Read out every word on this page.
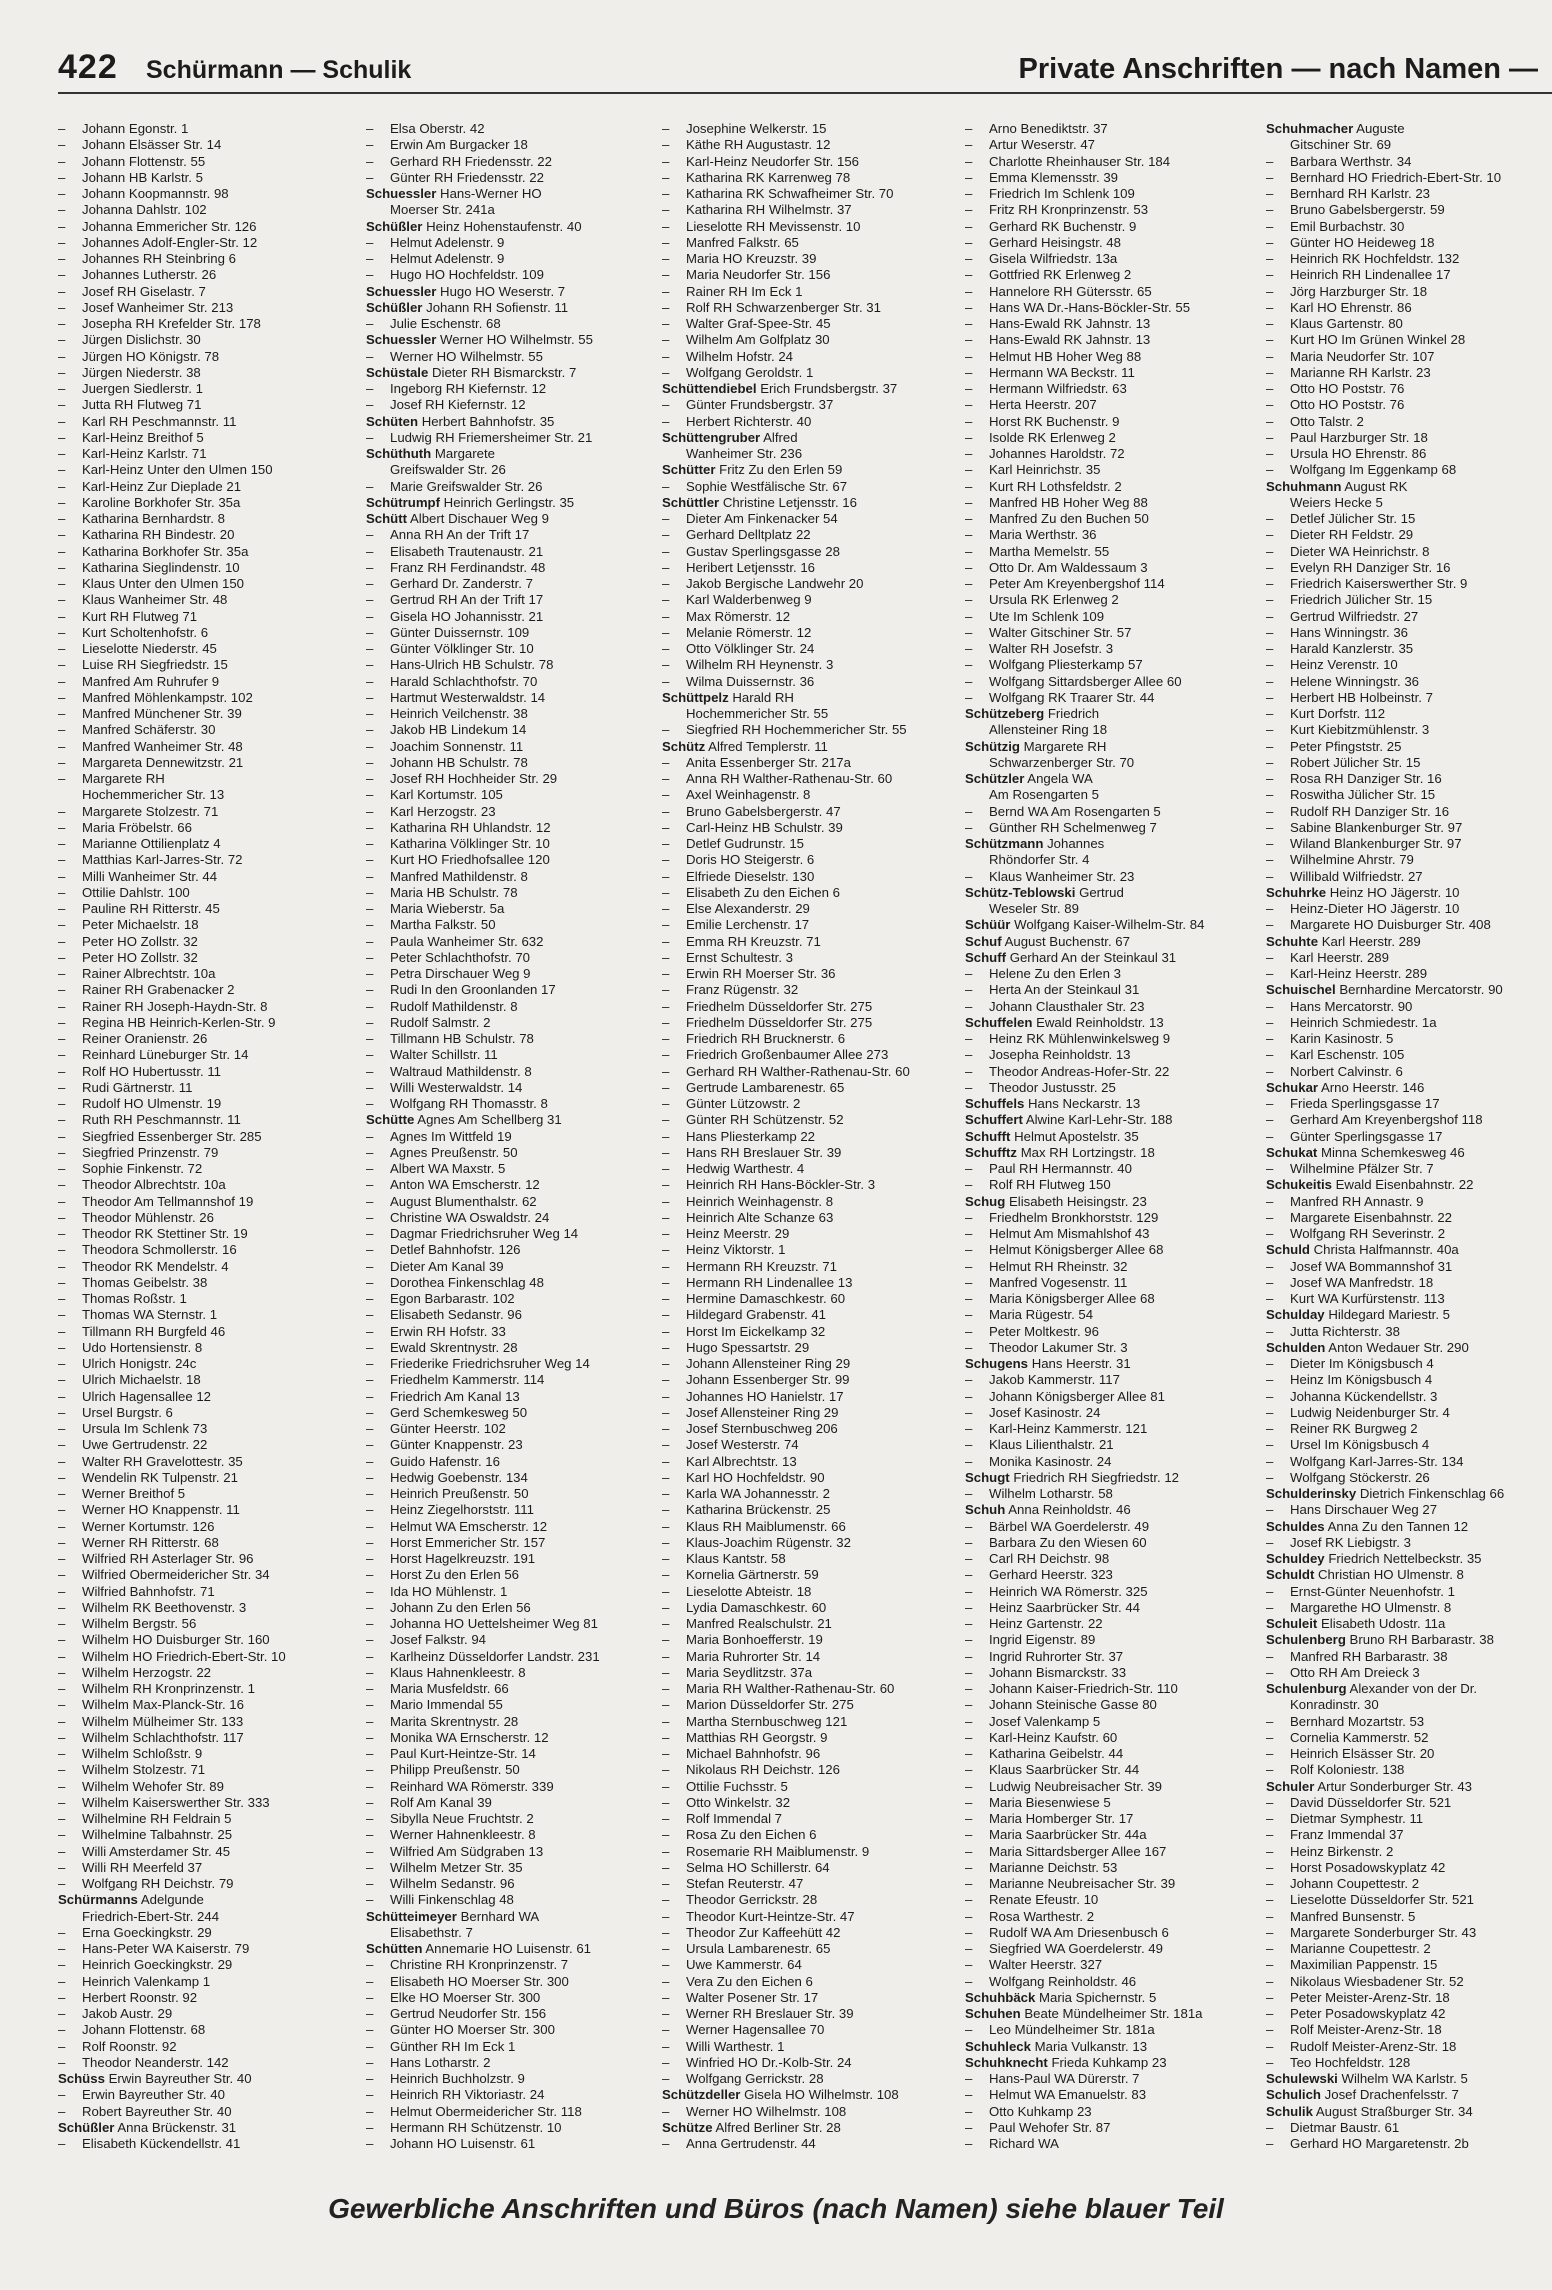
422 Schürmann — Schulik	Private Anschriften — nach Namen —
– Johann Egonstr. 1
– Johann Elsässer Str. 14
– Johann Flottenstr. 55
– Johann HB Karlstr. 5
– Johann Koopmannstr. 98
– Johanna Dahlstr. 102
– Johanna Emmericher Str. 126
– Johannes Adolf-Engler-Str. 12
– Johannes RH Steinbring 6
– Johannes Lutherstr. 26
– Josef RH Giselastr. 7
– Josef Wanheimer Str. 213
– Josepha RH Krefelder Str. 178
– Jürgen Dislichstr. 30
– Jürgen HO Königstr. 78
– Jürgen Niederstr. 38
– Juergen Siedlerstr. 1
– Jutta RH Flutweg 71
– Karl RH Peschmannstr. 11
– Karl-Heinz Breithof 5
– Karl-Heinz Karlstr. 71
– Karl-Heinz Unter den Ulmen 150
– Karl-Heinz Zur Dieplade 21
– Karoline Borkhofer Str. 35a
– Katharina Bernhardstr. 8
– Katharina RH Bindestr. 20
– Katharina Borkhofer Str. 35a
– Katharina Sieglindenstr. 10
– Klaus Unter den Ulmen 150
– Klaus Wanheimer Str. 48
– Kurt RH Flutweg 71
– Kurt Scholtenhofstr. 6
– Lieselotte Niederstr. 45
– Luise RH Siegfriedstr. 15
– Manfred Am Ruhrufer 9
– Manfred Möhlenkampstr. 102
– Manfred Münchener Str. 39
– Manfred Schäferstr. 30
– Manfred Wanheimer Str. 48
– Margareta Dennewitzstr. 21
– Margarete RH
Hochemmericher Str. 13
– Margarete Stolzestr. 71
– Maria Fröbelstr. 66
– Marianne Ottilienplatz 4
– Matthias Karl-Jarres-Str. 72
– Milli Wanheimer Str. 44
– Ottilie Dahlstr. 100
– Pauline RH Ritterstr. 45
– Peter Michaelstr. 18
– Peter HO Zollstr. 32
– Peter HO Zollstr. 32
– Rainer Albrechtstr. 10a
– Rainer RH Grabenacker 2
– Rainer RH Joseph-Haydn-Str. 8
– Regina HB Heinrich-Kerlen-Str. 9
– Reiner Oranienstr. 26
– Reinhard Lüneburger Str. 14
– Rolf HO Hubertusstr. 11
– Rudi Gärtnerstr. 11
– Rudolf HO Ulmenstr. 19
– Ruth RH Peschmannstr. 11
– Siegfried Essenberger Str. 285
– Siegfried Prinzenstr. 79
– Sophie Finkenstr. 72
– Theodor Albrechtstr. 10a
– Theodor Am Tellmannshof 19
– Theodor Mühlenstr. 26
– Theodor RK Stettiner Str. 19
– Theodora Schmollerstr. 16
– Theodor RK Mendelstr. 4
– Thomas Geibelstr. 38
– Thomas Roßstr. 1
– Thomas WA Sternstr. 1
– Tillmann RH Burgfeld 46
– Udo Hortensienstr. 8
– Ulrich Honigstr. 24c
– Ulrich Michaelstr. 18
– Ulrich Hagensallee 12
– Ursel Burgstr. 6
– Ursula Im Schlenk 73
– Uwe Gertrudenstr. 22
– Walter RH Gravelottestr. 35
– Wendelin RK Tulpenstr. 21
– Werner Breithof 5
– Werner HO Knappenstr. 11
– Werner Kortumstr. 126
– Werner RH Ritterstr. 68
– Wilfried RH Asterlager Str. 96
– Wilfried Obermeidericher Str. 34
– Wilfried Bahnhofstr. 71
– Wilhelm RK Beethovenstr. 3
– Wilhelm Bergstr. 56
– Wilhelm HO Duisburger Str. 160
– Wilhelm HO Friedrich-Ebert-Str. 10
– Wilhelm Herzogstr. 22
– Wilhelm RH Kronprinzenstr. 1
– Wilhelm Max-Planck-Str. 16
– Wilhelm Mülheimer Str. 133
– Wilhelm Schlachthofstr. 117
– Wilhelm Schloßstr. 9
– Wilhelm Stolzestr. 71
– Wilhelm Wehofer Str. 89
– Wilhelm Kaiserswerther Str. 333
– Wilhelmine RH Feldrain 5
– Wilhelmine Talbahnstr. 25
– Willi Amsterdamer Str. 45
– Willi RH Meerfeld 37
– Wolfgang RH Deichstr. 79
Schürmanns Adelgunde
Friedrich-Ebert-Str. 244
– Erna Goeckingkstr. 29
– Hans-Peter WA Kaiserstr. 79
– Heinrich Goeckingkstr. 29
– Heinrich Valenkamp 1
– Herbert Roonstr. 92
– Jakob Austr. 29
– Johann Flottenstr. 68
– Rolf Roonstr. 92
– Theodor Neanderstr. 142
Schüss Erwin Bayreuther Str. 40
– Erwin Bayreuther Str. 40
– Robert Bayreuther Str. 40
Schüßler Anna Brückenstr. 31
– Elisabeth Kückendellstr. 41
– Elsa Oberstr. 42
– Erwin Am Burgacker 18
– Gerhard RH Friedensstr. 22
– Günter RH Friedensstr. 22
Schuessler Hans-Werner HO
Moerser Str. 241a
Schüßler Heinz Hohenstaufenstr. 40
– Helmut Adelenstr. 9
– Helmut Adelenstr. 9
– Hugo HO Hochfeldstr. 109
Schuessler Hugo HO Weserstr. 7
Schüßler Johann RH Sofienstr. 11
– Julie Eschenstr. 68
Schuessler Werner HO Wilhelmstr. 55
– Werner HO Wilhelmstr. 55
Schüstale Dieter RH Bismarckstr. 7
– Ingeborg RH Kiefernstr. 12
– Josef RH Kiefernstr. 12
Schüten Herbert Bahnhofstr. 35
– Ludwig RH Friemersheimer Str. 21
Schüthuth Margarete
Greifswalder Str. 26
– Marie Greifswalder Str. 26
Schütrumpf Heinrich Gerlingstr. 35
Schütt Albert Dischauer Weg 9
– Anna RH An der Trift 17
– Elisabeth Trautenaustr. 21
– Franz RH Ferdinandstr. 48
– Gerhard Dr. Zanderstr. 7
– Gertrud RH An der Trift 17
– Gisela HO Johannisstr. 21
– Günter Duissernstr. 109
– Günter Völklinger Str. 10
– Hans-Ulrich HB Schulstr. 78
– Harald Schlachthofstr. 70
– Hartmut Westerwaldstr. 14
– Heinrich Veilchenstr. 38
– Jakob HB Lindekum 14
– Joachim Sonnenstr. 11
– Johann HB Schulstr. 78
– Josef RH Hochheider Str. 29
– Karl Kortumstr. 105
– Karl Herzogstr. 23
– Katharina RH Uhlandstr. 12
– Katharina Völklinger Str. 10
– Kurt HO Friedhofsallee 120
– Manfred Mathildenstr. 8
– Maria HB Schulstr. 78
– Maria Wieberstr. 5a
– Martha Falkstr. 50
– Paula Wanheimer Str. 632
– Peter Schlachthofstr. 70
– Petra Dirschauer Weg 9
– Rudi In den Groonlanden 17
– Rudolf Mathildenstr. 8
– Rudolf Salmstr. 2
– Tillmann HB Schulstr. 78
– Walter Schillstr. 11
– Waltraud Mathildenstr. 8
– Willi Westerwaldstr. 14
– Wolfgang RH Thomasstr. 8
Schütte Agnes Am Schellberg 31
– Agnes Im Wittfeld 19
– Agnes Preußenstr. 50
– Albert WA Maxstr. 5
– Anton WA Emscherstr. 12
– August Blumenthalstr. 62
– Christine WA Oswaldstr. 24
– Dagmar Friedrichsruher Weg 14
– Detlef Bahnhofstr. 126
– Dieter Am Kanal 39
– Dorothea Finkenschlag 48
– Egon Barbarastr. 102
– Elisabeth Sedanstr. 96
– Erwin RH Hofstr. 33
– Ewald Skrentnystr. 28
– Friederike Friedrichsruher Weg 14
– Friedhelm Kammerstr. 114
– Friedrich Am Kanal 13
– Gerd Schemkesweg 50
– Günter Heerstr. 102
– Günter Knappenstr. 23
– Guido Hafenstr. 16
– Hedwig Goebenstr. 134
– Heinrich Preußenstr. 50
– Heinz Ziegelhorststr. 111
– Helmut WA Emscherstr. 12
– Horst Emmericher Str. 157
– Horst Hagelkreuzstr. 191
– Horst Zu den Erlen 56
– Ida HO Mühlenstr. 1
– Johann Zu den Erlen 56
– Johanna HO Uettelsheimer Weg 81
– Josef Falkstr. 94
– Karlheinz Düsseldorfer Landstr. 231
– Klaus Hahnenkleestr. 8
– Maria Musfeldstr. 66
– Mario Immendal 55
– Marita Skrentnystr. 28
– Monika WA Ernscherstr. 12
– Paul Kurt-Heintze-Str. 14
– Philipp Preußenstr. 50
– Reinhard WA Römerstr. 339
– Rolf Am Kanal 39
– Sibylla Neue Fruchtstr. 2
– Werner Hahnenkleestr. 8
– Wilfried Am Südgraben 13
– Wilhelm Metzer Str. 35
– Wilhelm Sedanstr. 96
– Willi Finkenschlag 48
Schütteimeyer Bernhard WA
Elisabethstr. 7
Schütten Annemarie HO Luisenstr. 61
– Christine RH Kronprinzenstr. 7
– Elisabeth HO Moerser Str. 300
– Elke HO Moerser Str. 300
– Gertrud Neudorfer Str. 156
– Günter HO Moerser Str. 300
– Günther RH Im Eck 1
– Hans Lotharstr. 2
– Heinrich Buchholzstr. 9
– Heinrich RH Viktoriastr. 24
– Helmut Obermeidericher Str. 118
– Hermann RH Schützenstr. 10
– Johann HO Luisenstr. 61
– Josephine Welkerstr. 15
– Käthe RH Augustastr. 12
– Karl-Heinz Neudorfer Str. 156
– Katharina RK Karrenweg 78
– Katharina RK Schwafheimer Str. 70
– Katharina RH Wilhelmstr. 37
– Lieselotte RH Mevissenstr. 10
– Manfred Falkstr. 65
– Maria HO Kreuzstr. 39
– Maria Neudorfer Str. 156
– Rainer RH Im Eck 1
– Rolf RH Schwarzenberger Str. 31
– Walter Graf-Spee-Str. 45
– Wilhelm Am Golfplatz 30
– Wilhelm Hofstr. 24
– Wolfgang Geroldstr. 1
Schüttendiebel Erich Frundsbergstr. 37
– Günter Frundsbergstr. 37
– Herbert Richterstr. 40
Schüttengruber Alfred
Wanheimer Str. 236
Schütter Fritz Zu den Erlen 59
– Sophie Westfälische Str. 67
Schüttler Christine Letjensstr. 16
– Dieter Am Finkenacker 54
– Gerhard Delltplatz 22
– Gustav Sperlingsgasse 28
– Heribert Letjensstr. 16
– Jakob Bergische Landwehr 20
– Karl Walderbenweg 9
– Max Römerstr. 12
– Melanie Römerstr. 12
– Otto Völklinger Str. 24
– Wilhelm RH Heynenstr. 3
– Wilma Duissernstr. 36
Schüttpelz Harald RH
Hochemmericher Str. 55
– Siegfried RH Hochemmericher Str. 55
Schütz Alfred Templerstr. 11
– Anita Essenberger Str. 217a
– Anna RH Walther-Rathenau-Str. 60
– Axel Weinhagenstr. 8
– Bruno Gabelsbergerstr. 47
– Carl-Heinz HB Schulstr. 39
– Detlef Gudrunstr. 15
– Doris HO Steigerstr. 6
– Elfriede Dieselstr. 130
– Elisabeth Zu den Eichen 6
– Else Alexanderstr. 29
– Emilie Lerchenstr. 17
– Emma RH Kreuzstr. 71
– Ernst Schultestr. 3
– Erwin RH Moerser Str. 36
– Franz Rügenstr. 32
– Friedhelm Düsseldorfer Str. 275
– Friedhelm Düsseldorfer Str. 275
– Friedrich RH Brucknerstr. 6
– Friedrich Großenbaumer Allee 273
– Gerhard RH Walther-Rathenau-Str. 60
– Gertrude Lambarenestr. 65
– Günter Lützowstr. 2
– Günter RH Schützenstr. 52
– Hans Pliesterkamp 22
– Hans RH Breslauer Str. 39
– Hedwig Warthestr. 4
– Heinrich RH Hans-Böckler-Str. 3
– Heinrich Weinhagenstr. 8
– Heinrich Alte Schanze 63
– Heinz Meerstr. 29
– Heinz Viktorstr. 1
– Hermann RH Kreuzstr. 71
– Hermann RH Lindenallee 13
– Hermine Damaschkestr. 60
– Hildegard Grabenstr. 41
– Horst Im Eickelkamp 32
– Hugo Spessartstr. 29
– Johann Allensteiner Ring 29
– Johann Essenberger Str. 99
– Johannes HO Hanielstr. 17
– Josef Allensteiner Ring 29
– Josef Sternbuschweg 206
– Josef Westerstr. 74
– Karl Albrechtstr. 13
– Karl HO Hochfeldstr. 90
– Karla WA Johannesstr. 2
– Katharina Brückenstr. 25
– Klaus RH Maiblumenstr. 66
– Klaus-Joachim Rügenstr. 32
– Klaus Kantstr. 58
– Kornelia Gärtnerstr. 59
– Lieselotte Abteistr. 18
– Lydia Damaschkestr. 60
– Manfred Realschulstr. 21
– Maria Bonhoefferstr. 19
– Maria Ruhrorter Str. 14
– Maria Seydlitzstr. 37a
– Maria RH Walther-Rathenau-Str. 60
– Marion Düsseldorfer Str. 275
– Martha Sternbuschweg 121
– Matthias RH Georgstr. 9
– Michael Bahnhofstr. 96
– Nikolaus RH Deichstr. 126
– Ottilie Fuchsstr. 5
– Otto Winkelstr. 32
– Rolf Immendal 7
– Rosa Zu den Eichen 6
– Rosemarie RH Maiblumenstr. 9
– Selma HO Schillerstr. 64
– Stefan Reuterstr. 47
– Theodor Gerrickstr. 28
– Theodor Kurt-Heintze-Str. 47
– Theodor Zur Kaffeehütt 42
– Ursula Lambarenestr. 65
– Uwe Kammerstr. 64
– Vera Zu den Eichen 6
– Walter Posener Str. 17
– Werner RH Breslauer Str. 39
– Werner Hagensallee 70
– Willi Warthestr. 1
– Winfried HO Dr.-Kolb-Str. 24
– Wolfgang Gerrickstr. 28
Schützdeller Gisela HO Wilhelmstr. 108
– Werner HO Wilhelmstr. 108
Schütze Alfred Berliner Str. 28
– Anna Gertrudenstr. 44
– Arno Benediktstr. 37
– Artur Weserstr. 47
– Charlotte Rheinhauser Str. 184
– Emma Klemensstr. 39
– Friedrich Im Schlenk 109
– Fritz RH Kronprinzenstr. 53
– Gerhard RK Buchenstr. 9
– Gerhard Heisingstr. 48
– Gisela Wilfriedstr. 13a
– Gottfried RK Erlenweg 2
– Hannelore RH Gütersstr. 65
– Hans WA Dr.-Hans-Böckler-Str. 55
– Hans-Ewald RK Jahnstr. 13
– Hans-Ewald RK Jahnstr. 13
– Helmut HB Hoher Weg 88
– Hermann WA Beckstr. 11
– Hermann Wilfriedstr. 63
– Herta Heerstr. 207
– Horst RK Buchenstr. 9
– Isolde RK Erlenweg 2
– Johannes Haroldstr. 72
– Karl Heinrichstr. 35
– Kurt RH Lothsfeldstr. 2
– Manfred HB Hoher Weg 88
– Manfred Zu den Buchen 50
– Maria Werthstr. 36
– Martha Memelstr. 55
– Otto Dr. Am Waldessaum 3
– Peter Am Kreyenbergshof 114
– Ursula RK Erlenweg 2
– Ute Im Schlenk 109
– Walter Gitschiner Str. 57
– Walter RH Josefstr. 3
– Wolfgang Pliesterkamp 57
– Wolfgang Sittardsberger Allee 60
– Wolfgang RK Traarer Str. 44
Schützeberg Friedrich
Allensteiner Ring 18
Schützig Margarete RH
Schwarzenberger Str. 70
Schützler Angela WA
Am Rosengarten 5
– Bernd WA Am Rosengarten 5
– Günther RH Schelmenweg 7
Schützmann Johannes
Rhöndorfer Str. 4
– Klaus Wanheimer Str. 23
Schütz-Teblowski Gertrud
Weseler Str. 89
Schüür Wolfgang Kaiser-Wilhelm-Str. 84
Schuf August Buchenstr. 67
Schuff Gerhard An der Steinkaul 31
– Helene Zu den Erlen 3
– Herta An der Steinkaul 31
– Johann Clausthaler Str. 23
Schuffelen Ewald Reinholdstr. 13
– Heinz RK Mühlenwinkelsweg 9
– Josepha Reinholdstr. 13
– Theodor Andreas-Hofer-Str. 22
– Theodor Justusstr. 25
Schuffels Hans Neckarstr. 13
Schuffert Alwine Karl-Lehr-Str. 188
Schufft Helmut Apostelstr. 35
Schufftz Max RH Lortzingstr. 18
– Paul RH Hermannstr. 40
– Rolf RH Flutweg 150
Schug Elisabeth Heisingstr. 23
– Friedhelm Bronkhorststr. 129
– Helmut Am Mismahlshof 43
– Helmut Königsberger Allee 68
– Helmut RH Rheinstr. 32
– Manfred Vogesenstr. 11
– Maria Königsberger Allee 68
– Maria Rügestr. 54
– Peter Moltkestr. 96
– Theodor Lakumer Str. 3
Schugens Hans Heerstr. 31
– Jakob Kammerstr. 117
– Johann Königsberger Allee 81
– Josef Kasinostr. 24
– Karl-Heinz Kammerstr. 121
– Klaus Lilienthalstr. 21
– Monika Kasinostr. 24
Schugt Friedrich RH Siegfriedstr. 12
– Wilhelm Lotharstr. 58
Schuh Anna Reinholdstr. 46
– Bärbel WA Goerdelerstr. 49
– Barbara Zu den Wiesen 60
– Carl RH Deichstr. 98
– Gerhard Heerstr. 323
– Heinrich WA Römerstr. 325
– Heinz Saarbrücker Str. 44
– Heinz Gartenstr. 22
– Ingrid Eigenstr. 89
– Ingrid Ruhrorter Str. 37
– Johann Bismarckstr. 33
– Johann Kaiser-Friedrich-Str. 110
– Johann Steinische Gasse 80
– Josef Valenkamp 5
– Karl-Heinz Kaufstr. 60
– Katharina Geibelstr. 44
– Klaus Saarbrücker Str. 44
– Ludwig Neubreisacher Str. 39
– Maria Biesenwiese 5
– Maria Homberger Str. 17
– Maria Saarbrücker Str. 44a
– Maria Sittardsberger Allee 167
– Marianne Deichstr. 53
– Marianne Neubreisacher Str. 39
– Renate Efeustr. 10
– Rosa Warthestr. 2
– Rudolf WA Am Driesenbusch 6
– Siegfried WA Goerdelerstr. 49
– Walter Heerstr. 327
– Wolfgang Reinholdstr. 46
Schuhbäck Maria Spichernstr. 5
Schuhen Beate Mündelheimer Str. 181a
– Leo Mündelheimer Str. 181a
Schuhleck Maria Vulkanstr. 13
Schuhknecht Frieda Kuhkamp 23
– Hans-Paul WA Dürerstr. 7
– Helmut WA Emanuelstr. 83
– Otto Kuhkamp 23
– Paul Wehofer Str. 87
– Richard WA
Schuhmacher Auguste
Gitschiner Str. 69
– Barbara Werthstr. 34
– Bernhard HO Friedrich-Ebert-Str. 10
– Bernhard RH Karlstr. 23
– Bruno Gabelsbergerstr. 59
– Emil Burbachstr. 30
– Günter HO Heideweg 18
– Heinrich RK Hochfeldstr. 132
– Heinrich RH Lindenallee 17
– Jörg Harzburger Str. 18
– Karl HO Ehrenstr. 86
– Klaus Gartenstr. 80
– Kurt HO Im Grünen Winkel 28
– Maria Neudorfer Str. 107
– Marianne RH Karlstr. 23
– Otto HO Poststr. 76
– Otto HO Poststr. 76
– Otto Talstr. 2
– Paul Harzburger Str. 18
– Ursula HO Ehrenstr. 86
– Wolfgang Im Eggenkamp 68
Schuhmann August RK
Weiers Hecke 5
– Detlef Jülicher Str. 15
– Dieter RH Feldstr. 29
– Dieter WA Heinrichstr. 8
– Evelyn RH Danziger Str. 16
– Friedrich Kaiserswerther Str. 9
– Friedrich Jülicher Str. 15
– Gertrud Wilfriedstr. 27
– Hans Winningstr. 36
– Harald Kanzlerstr. 35
– Heinz Verenstr. 10
– Helene Winningstr. 36
– Herbert HB Holbeinstr. 7
– Kurt Dorfstr. 112
– Kurt Kiebitzmühlenstr. 3
– Peter Pfingststr. 25
– Robert Jülicher Str. 15
– Rosa RH Danziger Str. 16
– Roswitha Jülicher Str. 15
– Rudolf RH Danziger Str. 16
– Sabine Blankenburger Str. 97
– Wiland Blankenburger Str. 97
– Wilhelmine Ahrstr. 79
– Willibald Wilfriedstr. 27
Schuhrke Heinz HO Jägerstr. 10
– Heinz-Dieter HO Jägerstr. 10
– Margarete HO Duisburger Str. 408
Schuhte Karl Heerstr. 289
– Karl Heerstr. 289
– Karl-Heinz Heerstr. 289
Schuischel Bernhardine Mercatorstr. 90
– Hans Mercatorstr. 90
– Heinrich Schmiedestr. 1a
– Karin Kasinostr. 5
– Karl Eschenstr. 105
– Norbert Calvinstr. 6
Schukar Arno Heerstr. 146
– Frieda Sperlingsgasse 17
– Gerhard Am Kreyenbergshof 118
– Günter Sperlingsgasse 17
Schukat Minna Schemkesweg 46
– Wilhelmine Pfälzer Str. 7
Schukeitis Ewald Eisenbahnstr. 22
– Manfred RH Annastr. 9
– Margarete Eisenbahnstr. 22
– Wolfgang RH Severinstr. 2
Schuld Christa Halfmannstr. 40a
– Josef WA Bommannshof 31
– Josef WA Manfredstr. 18
– Kurt WA Kurfürstenstr. 113
Schulday Hildegard Mariestr. 5
– Jutta Richterstr. 38
Schulden Anton Wedauer Str. 290
– Dieter Im Königsbusch 4
– Heinz Im Königsbusch 4
– Johanna Kückendellstr. 3
– Ludwig Neidenburger Str. 4
– Reiner RK Burgweg 2
– Ursel Im Königsbusch 4
– Wolfgang Karl-Jarres-Str. 134
– Wolfgang Stöckerstr. 26
Schulderinsky Dietrich Finkenschlag 66
– Hans Dirschauer Weg 27
Schuldes Anna Zu den Tannen 12
– Josef RK Liebigstr. 3
Schuldey Friedrich Nettelbeckstr. 35
Schuldt Christian HO Ulmenstr. 8
– Ernst-Günter Neuenhofstr. 1
– Margarethe HO Ulmenstr. 8
Schuleit Elisabeth Udostr. 11a
Schulenberg Bruno RH Barbarastr. 38
– Manfred RH Barbarastr. 38
– Otto RH Am Dreieck 3
Schulenburg Alexander von der Dr.
Konradinstr. 30
– Bernhard Mozartstr. 53
– Cornelia Kammerstr. 52
– Heinrich Elsässer Str. 20
– Rolf Koloniestr. 138
Schuler Artur Sonderburger Str. 43
– David Düsseldorfer Str. 521
– Dietmar Symphestr. 11
– Franz Immendal 37
– Heinz Birkenstr. 2
– Horst Posadowskyplatz 42
– Johann Coupettestr. 2
– Lieselotte Düsseldorfer Str. 521
– Manfred Bunsenstr. 5
– Margarete Sonderburger Str. 43
– Marianne Coupettestr. 2
– Maximilian Pappenstr. 15
– Nikolaus Wiesbadener Str. 52
– Peter Meister-Arenz-Str. 18
– Peter Posadowskyplatz 42
– Rolf Meister-Arenz-Str. 18
– Rudolf Meister-Arenz-Str. 18
– Teo Hochfeldstr. 128
Schulewski Wilhelm WA Karlstr. 5
Schulich Josef Drachenfelsstr. 7
Schulik August Straßburger Str. 34
– Dietmar Baustr. 61
– Gerhard HO Margaretenstr. 2b
Gewerbliche Anschriften und Büros (nach Namen) siehe blauer Teil
